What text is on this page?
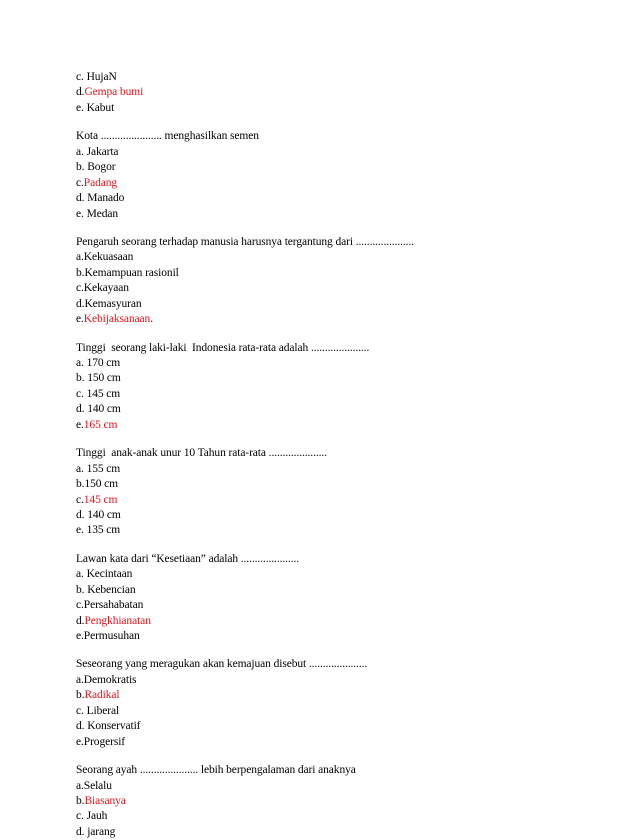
c. HujaN
d.Gempa bumi
e. Kabut
Kota ...................... menghasilkan semen
a. Jakarta
b. Bogor
c.Padang
d. Manado
e. Medan
Pengaruh seorang terhadap manusia harusnya tergantung dari .....................
a.Kekuasaan
b.Kemampuan rasionil
c.Kekayaan
d.Kemasyuran
e.Kebijaksanaan.
Tinggi  seorang laki-laki  Indonesia rata-rata adalah .....................
a. 170 cm
b. 150 cm
c. 145 cm
d. 140 cm
e.165 cm
Tinggi  anak-anak unur 10 Tahun rata-rata .....................
a. 155 cm
b.150 cm
c.145 cm
d. 140 cm
e. 135 cm
Lawan kata dari “Kesetiaan” adalah .....................
a. Kecintaan
b. Kebencian
c.Persahabatan
d.Pengkhianatan
e.Permusuhan
Seseorang yang meragukan akan kemajuan disebut .....................
a.Demokratis
b.Radikal
c. Liberal
d. Konservatif
e.Progersif
Seorang ayah ..................... lebih berpengalaman dari anaknya
a.Selalu
b.Biasanya
c. Jauh
d. jarang
